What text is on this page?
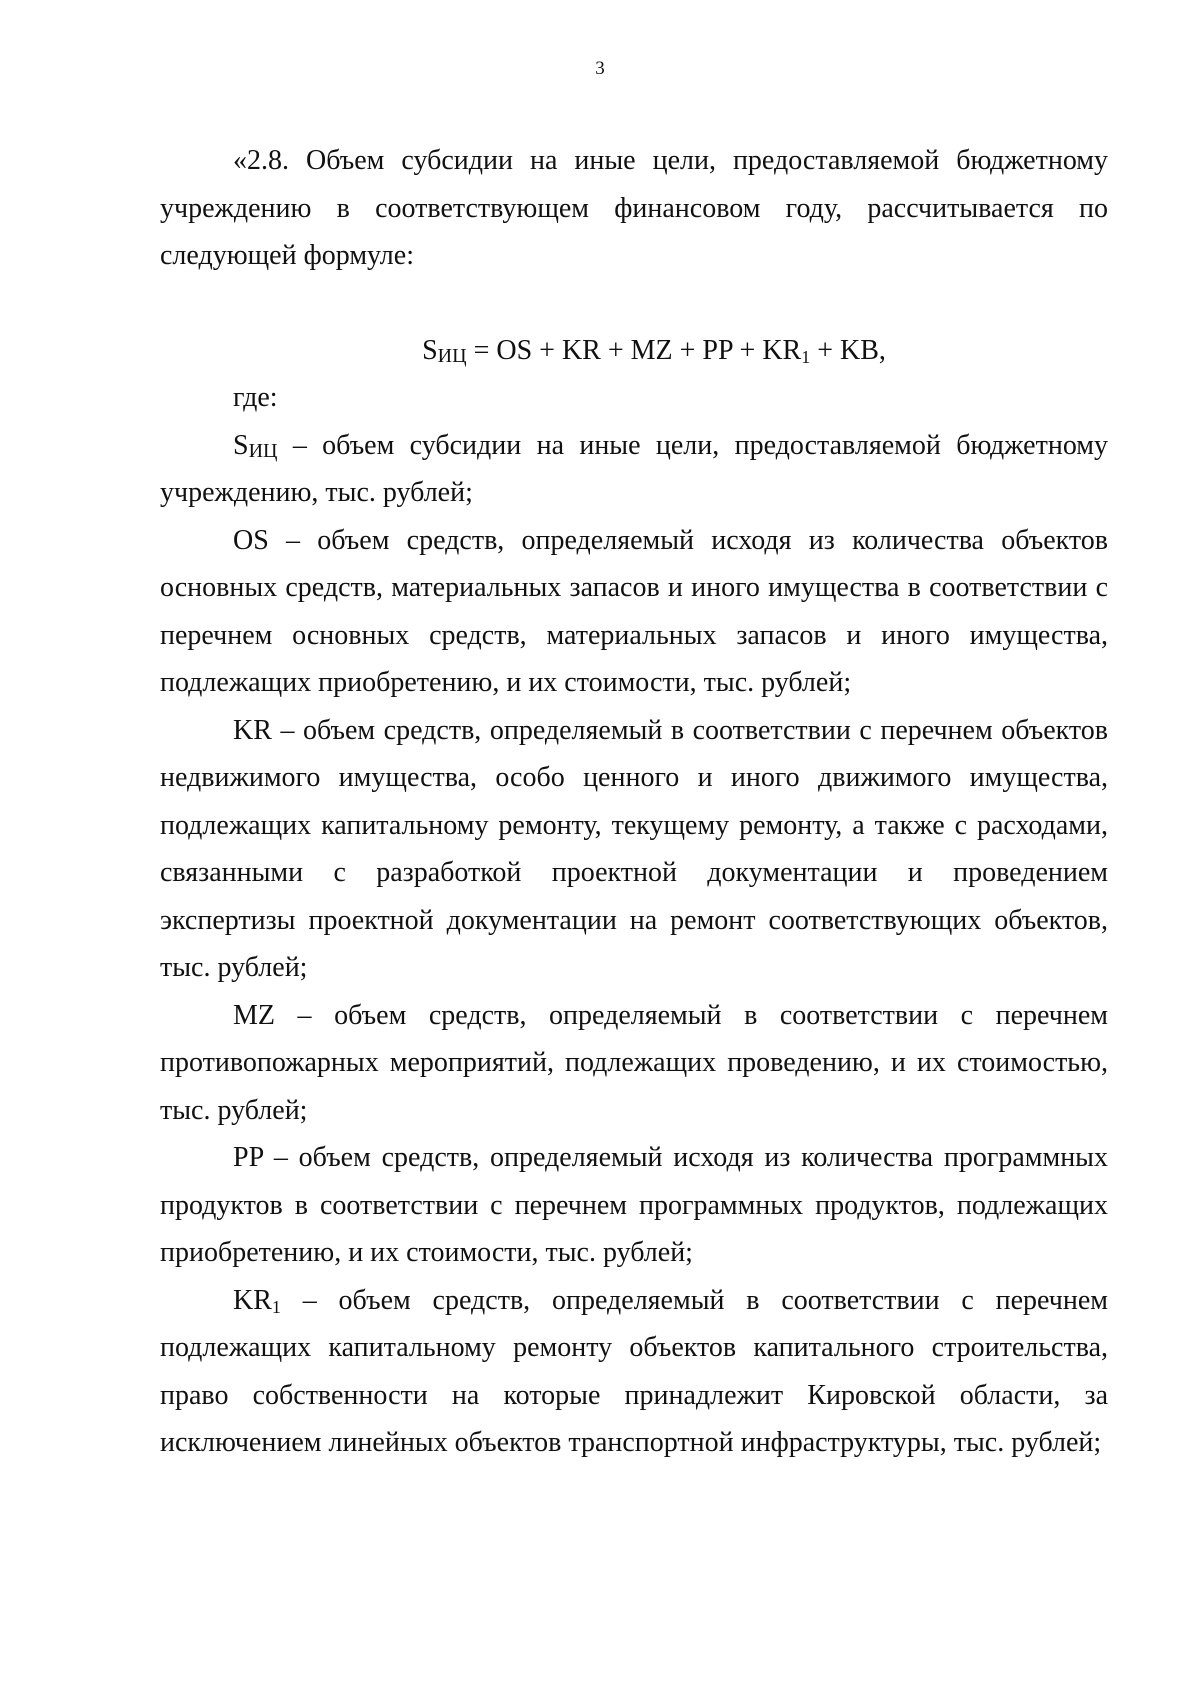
3

«2.8. Объем субсидии на иные цели, предоставляемой бюджетному учреждению в соответствующем финансовом году, рассчитывается по следующей формуле:

$S_{ИЦ}$ = OS + KR + MZ + PP + $KR_1$ + KB,

где:

$S_{ИЦ}$ – объем субсидии на иные цели, предоставляемой бюджетному учреждению, тыс. рублей;

OS – объем средств, определяемый исходя из количества объектов основных средств, материальных запасов и иного имущества в соответствии с перечнем основных средств, материальных запасов и иного имущества, подлежащих приобретению, и их стоимости, тыс. рублей;

KR – объем средств, определяемый в соответствии с перечнем объектов недвижимого имущества, особо ценного и иного движимого имущества, подлежащих капитальному ремонту, текущему ремонту, а также с расходами, связанными с разработкой проектной документации и проведением экспертизы проектной документации на ремонт соответствующих объектов, тыс. рублей;

MZ – объем средств, определяемый в соответствии с перечнем противопожарных мероприятий, подлежащих проведению, и их стоимостью, тыс. рублей;

PP – объем средств, определяемый исходя из количества программных продуктов в соответствии с перечнем программных продуктов, подлежащих приобретению, и их стоимости, тыс. рублей;

$KR_1$ – объем средств, определяемый в соответствии с перечнем подлежащих капитальному ремонту объектов капитального строительства, право собственности на которые принадлежит Кировской области, за исключением линейных объектов транспортной инфраструктуры, тыс. рублей;
